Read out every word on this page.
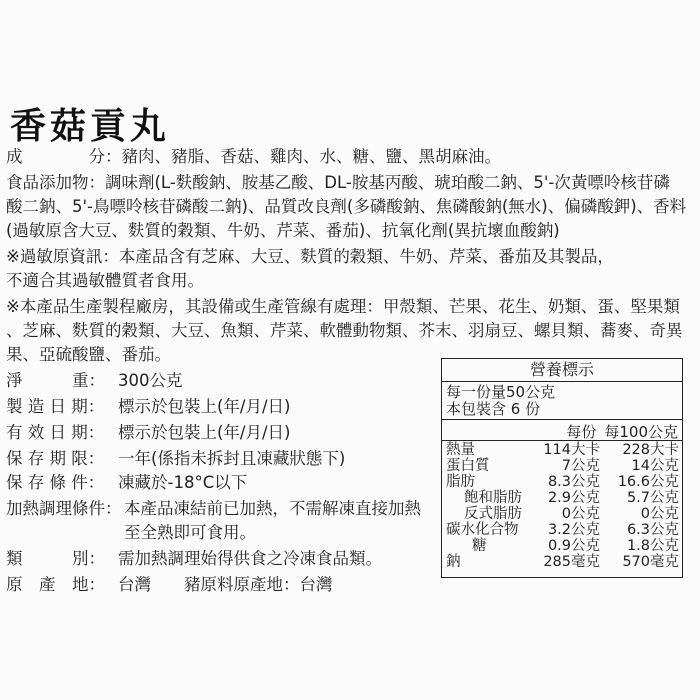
香菇貢丸
成　　　　分：豬肉、豬脂、香菇、雞肉、水、糖、鹽、黑胡麻油。
食品添加物：調味劑(L-麩酸鈉、胺基乙酸、DL-胺基丙酸、琥珀酸二鈉、5'-次黃嘌呤核苷磷
酸二鈉、5'-鳥嘌呤核苷磷酸二鈉)、品質改良劑(多磷酸鈉、焦磷酸鈉(無水)、偏磷酸鉀)、香料
(過敏原含大豆、麩質的穀類、牛奶、芹菜、番茄)、抗氧化劑(異抗壞血酸鈉)
※過敏原資訊：本產品含有芝麻、大豆、麩質的穀類、牛奶、芹菜、番茄及其製品，
不適合其過敏體質者食用。
※本產品生產製程廠房，其設備或生產管線有處理：甲殼類、芒果、花生、奶類、蛋、堅果類
、芝麻、麩質的穀類、大豆、魚類、芹菜、軟體動物類、芥末、羽扇豆、螺貝類、蕎麥、奇異
果、亞硫酸鹽、番茄。
淨　　　重： 300公克
製 造 日 期： 標示於包裝上(年/月/日)
有 效 日 期： 標示於包裝上(年/月/日)
保 存 期 限： 一年(係指未拆封且凍藏狀態下)
保 存 條 件： 凍藏於-18°C以下
加熱調理條件： 本產品凍結前已加熱，不需解凍直接加熱
至全熟即可食用。
類　　　別： 需加熱調理始得供食之冷凍食品類。
原　產　地： 台灣　　豬原料原產地：台灣
營養標示
每一份量50公克
本包裝含 6 份
每份 每100公克
熱量	114大卡 228大卡
蛋白質	7公克 14公克
脂肪	8.3公克 16.6公克
飽和脂肪 2.9公克 5.7公克
反式脂肪	0公克	0公克
碳水化合物 3.2公克 6.3公克
糖	0.9公克 1.8公克
鈉	285毫克 570毫克
